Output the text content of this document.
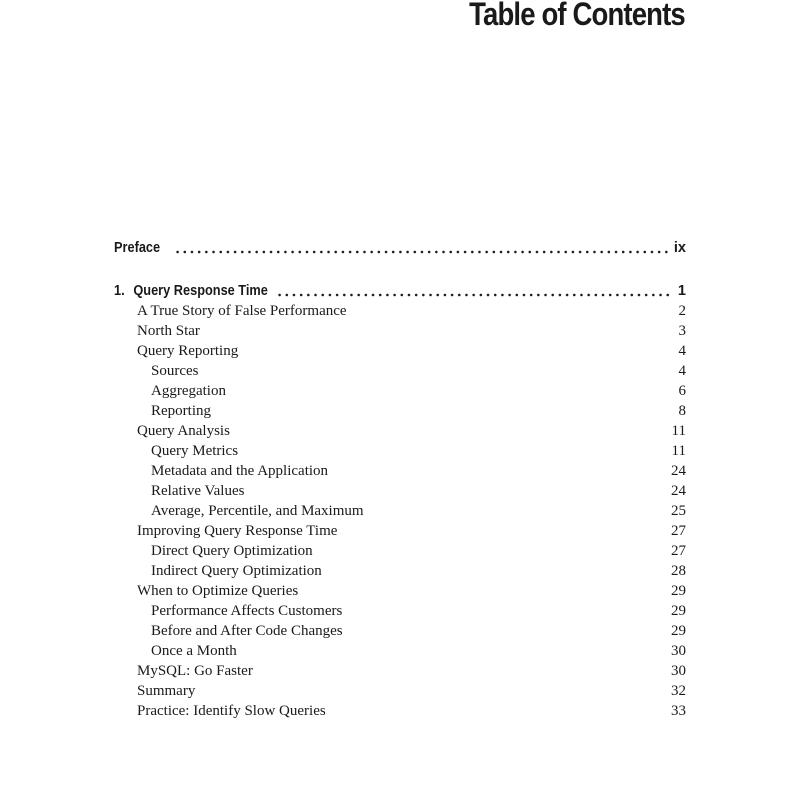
Table of Contents
Preface	ix
1. Query Response Time	1
A True Story of False Performance	2
North Star	3
Query Reporting	4
Sources	4
Aggregation	6
Reporting	8
Query Analysis	11
Query Metrics	11
Metadata and the Application	24
Relative Values	24
Average, Percentile, and Maximum	25
Improving Query Response Time	27
Direct Query Optimization	27
Indirect Query Optimization	28
When to Optimize Queries	29
Performance Affects Customers	29
Before and After Code Changes	29
Once a Month	30
MySQL: Go Faster	30
Summary	32
Practice: Identify Slow Queries	33
